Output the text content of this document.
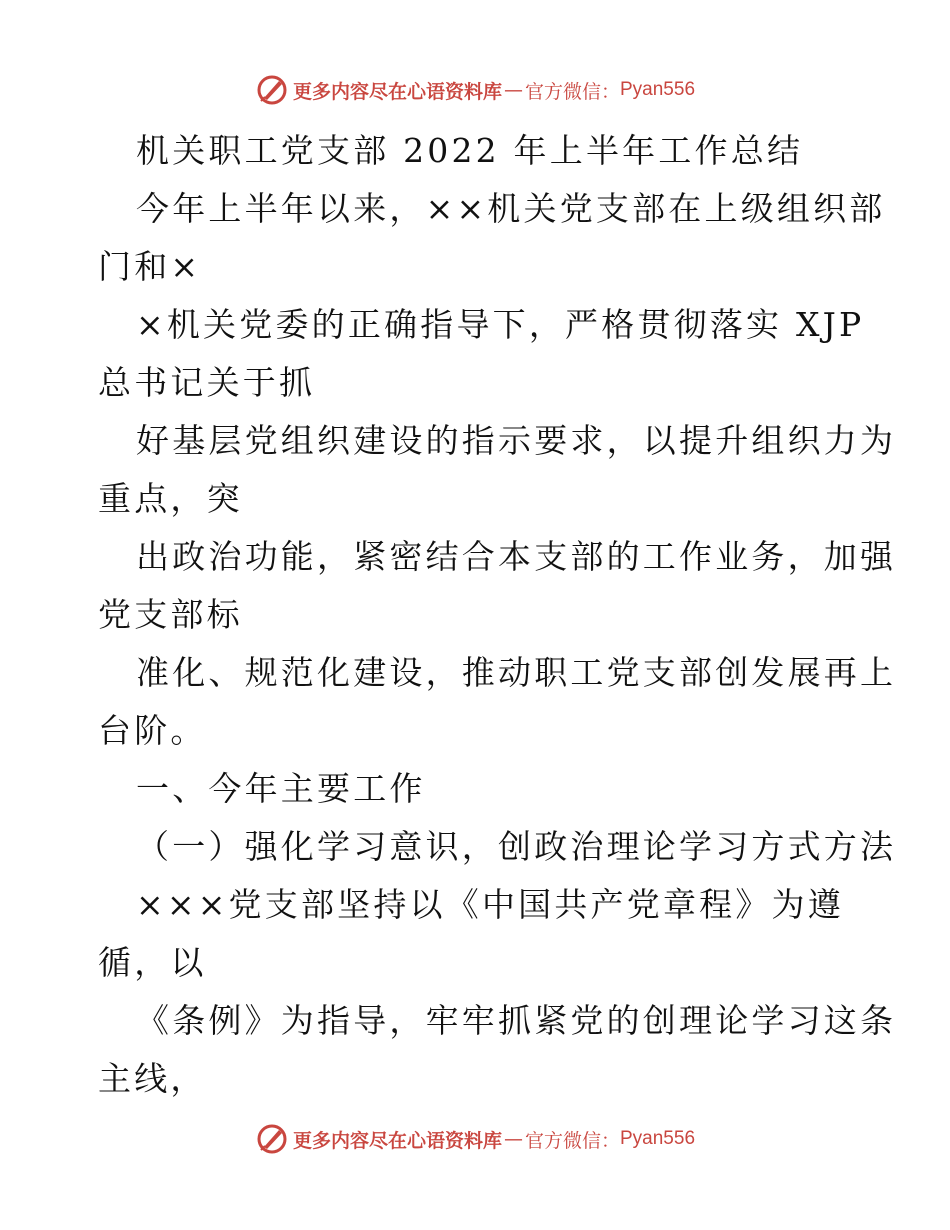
更多内容尽在心语资料库 — 官方微信： Pyan556
机关职工党支部 2022 年上半年工作总结
今年上半年以来，××机关党支部在上级组织部
门和×
×机关党委的正确指导下，严格贯彻落实 XJP
总书记关于抓
好基层党组织建设的指示要求，以提升组织力为
重点，突
出政治功能，紧密结合本支部的工作业务，加强
党支部标
准化、规范化建设，推动职工党支部创发展再上
台阶。
一、今年主要工作
（一）强化学习意识，创政治理论学习方式方法
×××党支部坚持以《中国共产党章程》为遵
循，以
《条例》为指导，牢牢抓紧党的创理论学习这条
主线，
更多内容尽在心语资料库 — 官方微信： Pyan556
